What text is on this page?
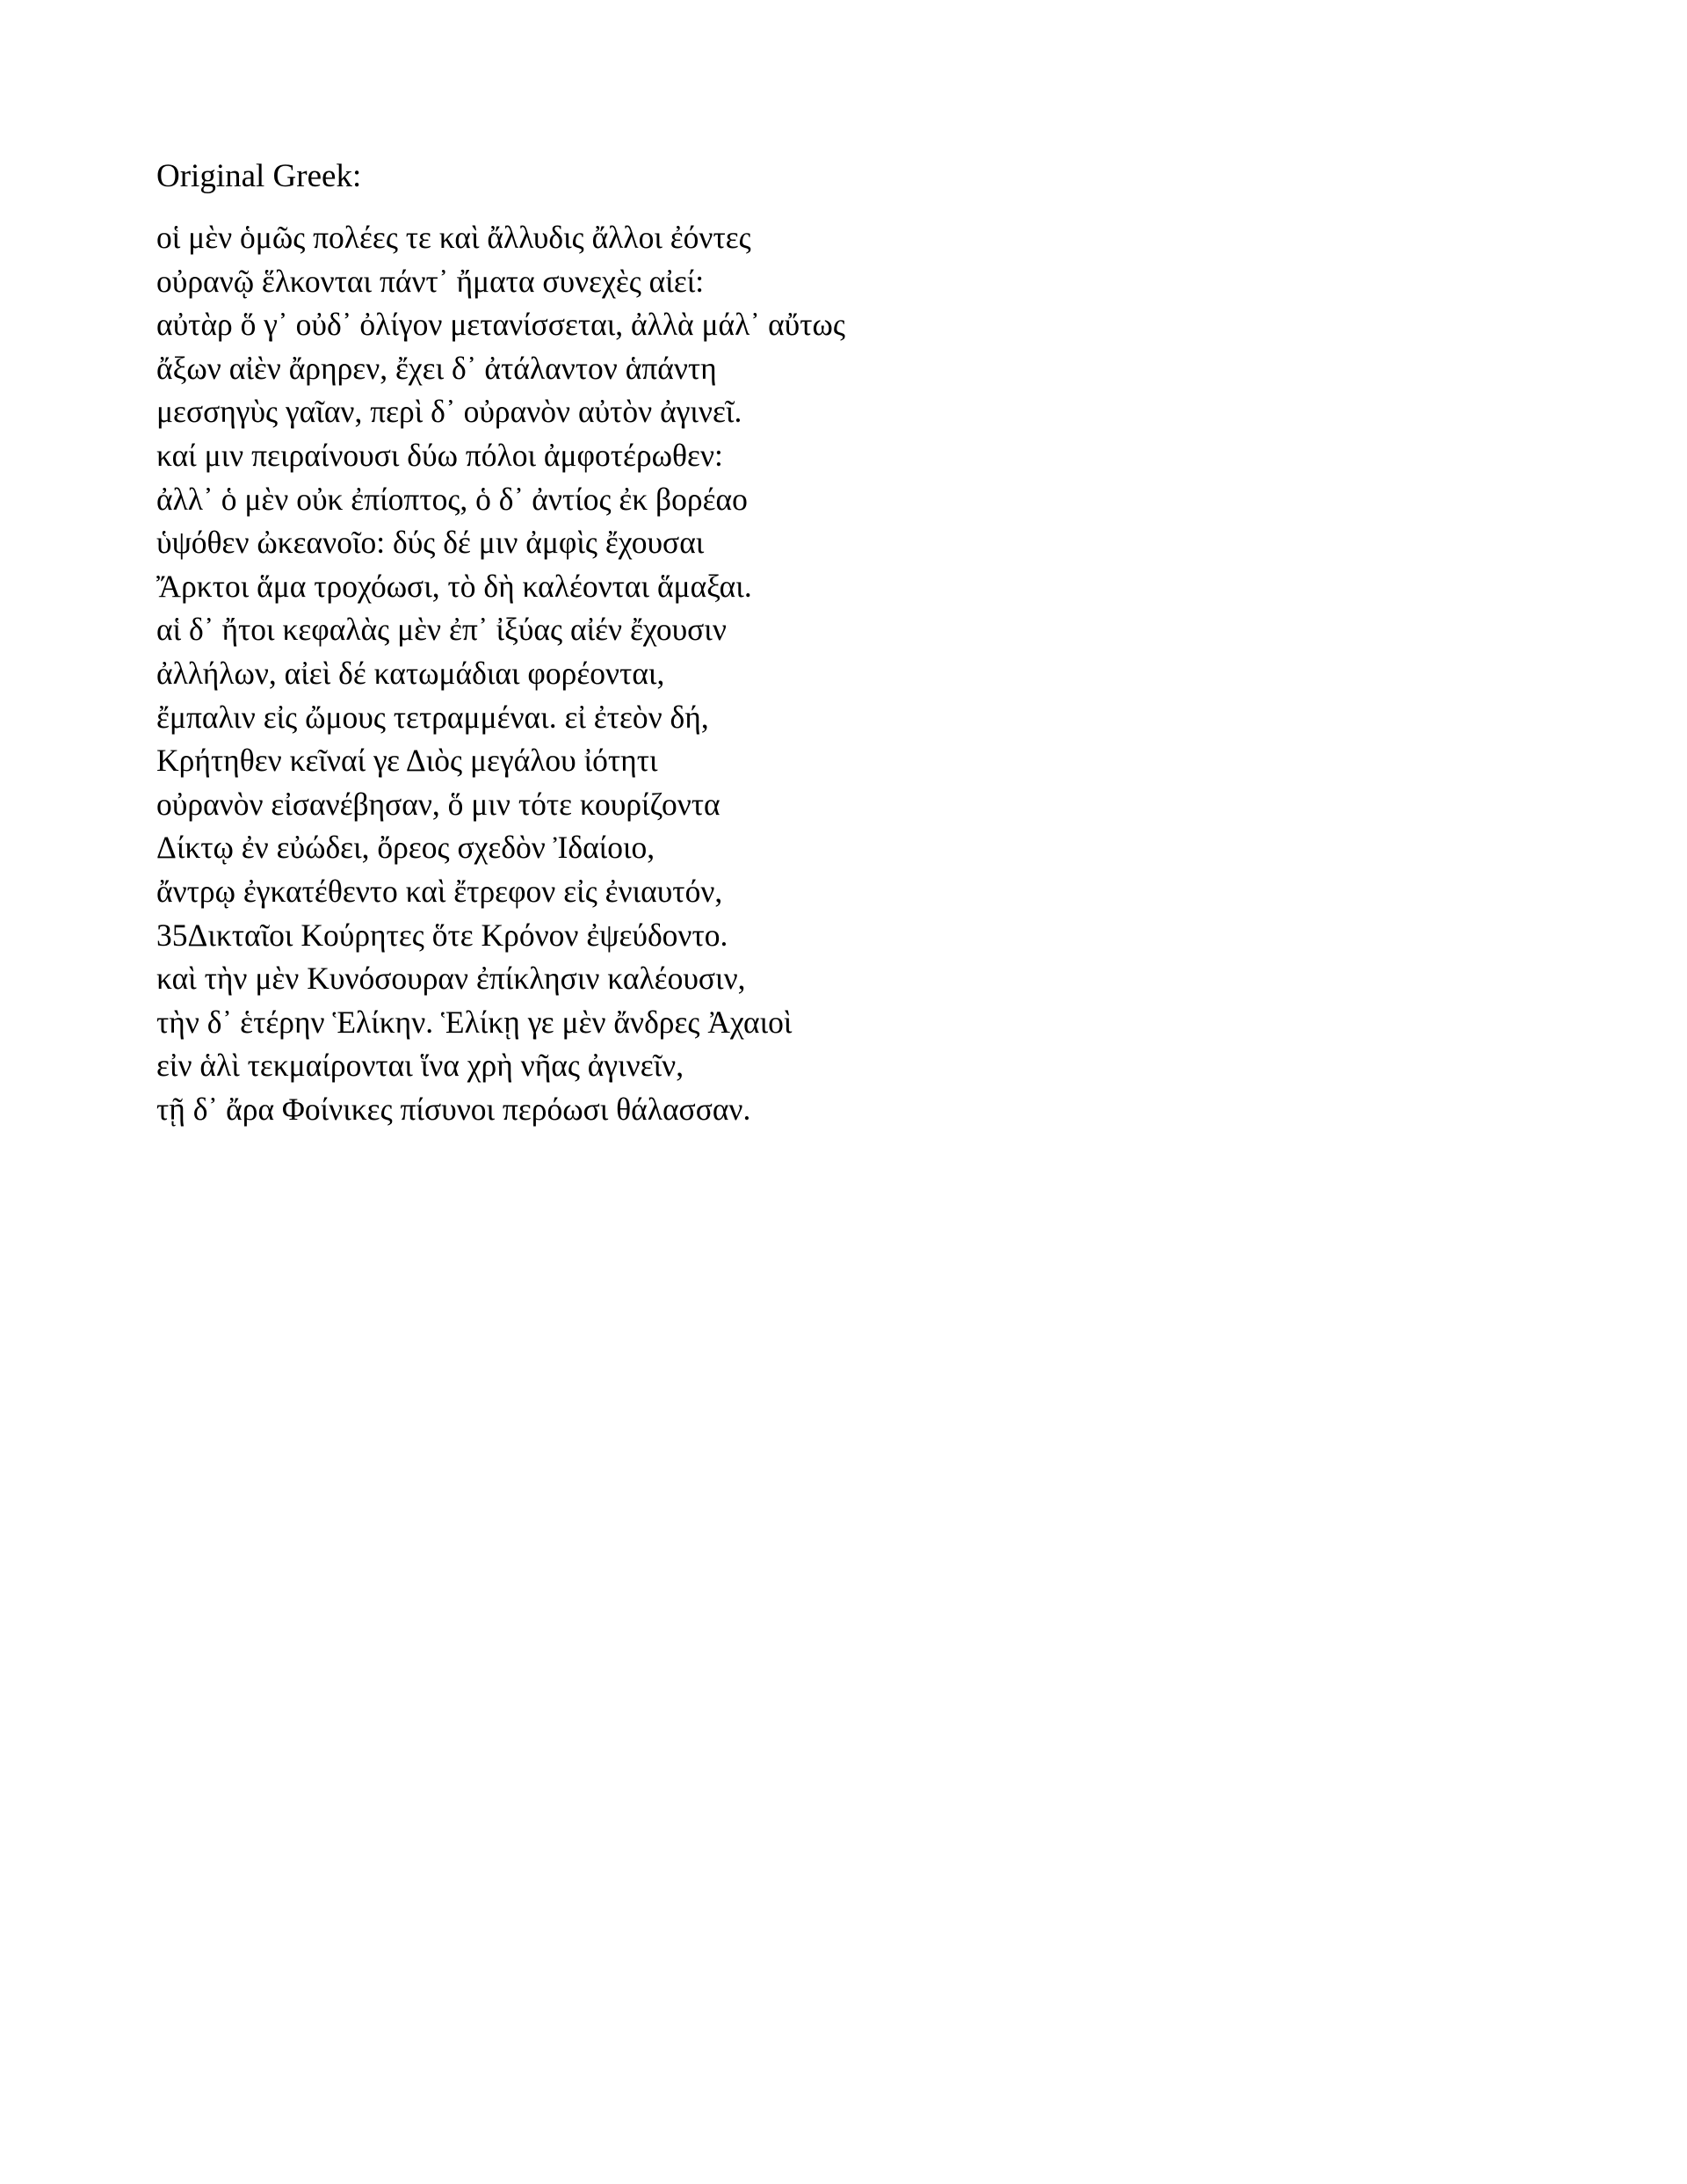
Original Greek:
οἱ μὲν ὁμῶς πολέες τε καὶ ἄλλυδις ἄλλοι ἐόντες
οὐρανῷ ἕλκονται πάντ᾽ ἤματα συνεχὲς αἰεί:
αὐτὰρ ὅ γ᾽ οὐδ᾽ ὀλίγον μετανίσσεται, ἀλλὰ μάλ᾽ αὔτως
ἄξων αἰὲν ἄρηρεν, ἔχει δ᾽ ἀτάλαντον ἁπάντη
μεσσηγὺς γαῖαν, περὶ δ᾽ οὐρανὸν αὐτὸν ἀγινεῖ.
καί μιν πειραίνουσι δύω πόλοι ἀμφοτέρωθεν:
ἀλλ᾽ ὁ μὲν οὐκ ἐπίοπτος, ὁ δ᾽ ἀντίος ἐκ βορέαο
ὑψόθεν ὠκεανοῖο: δύς δέ μιν ἀμφὶς ἔχουσαι
Ἄρκτοι ἅμα τροχόωσι, τὸ δὴ καλέονται ἅμαξαι.
αἱ δ᾽ ἤτοι κεφαλὰς μὲν ἐπ᾽ ἰξύας αἰέν ἔχουσιν
ἀλλήλων, αἰεὶ δέ κατωμάδιαι φορέονται,
ἔμπαλιν εἰς ὤμους τετραμμέναι. εἰ ἐτεὸν δή,
Κρήτηθεν κεῖναί γε Διὸς μεγάλου ἰότητι
οὐρανὸν εἰσανέβησαν, ὅ μιν τότε κουρίζοντα
Δίκτῳ ἐν εὐώδει, ὄρεος σχεδὸν Ἰδαίοιο,
ἄντρῳ ἐγκατέθεντο καὶ ἔτρεφον εἰς ἐνιαυτόν,
35Δικταῖοι Κούρητες ὅτε Κρόνον ἐψεύδοντο.
καὶ τὴν μὲν Κυνόσουραν ἐπίκλησιν καλέουσιν,
τὴν δ᾽ ἑτέρην Ἑλίκην. Ἑλίκῃ γε μὲν ἄνδρες Ἀχαιοὶ
εἰν ἁλὶ τεκμαίρονται ἵνα χρὴ νῆας ἀγινεῖν,
τῇ δ᾽ ἄρα Φοίνικες πίσυνοι περόωσι θάλασσαν.
